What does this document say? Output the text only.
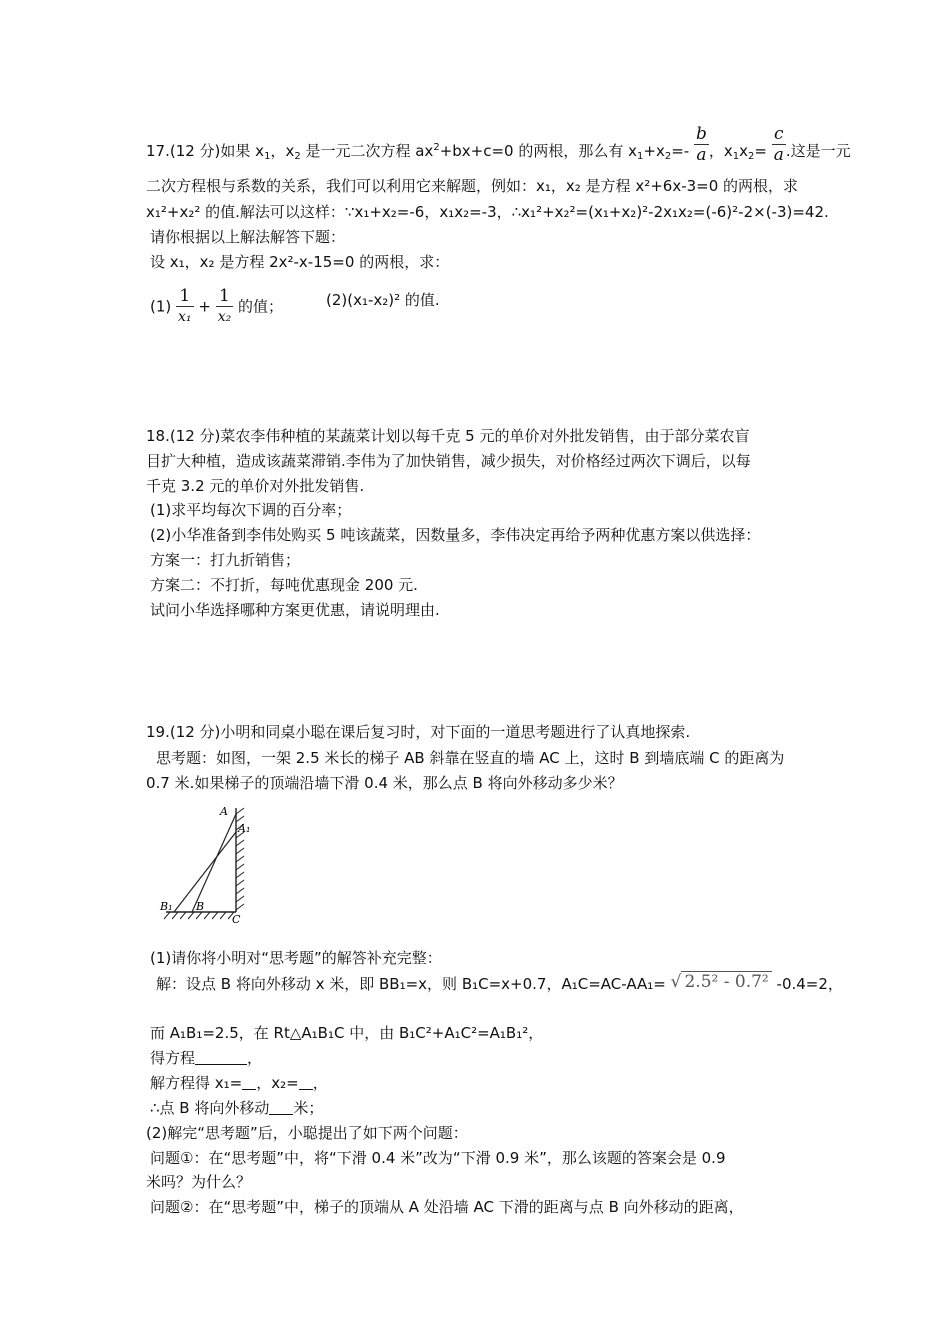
17.(12 分)如果 $x_1$，$x_2$ 是一元二次方程 $ax^2+bx+c=0$ 的两根，那么有 $x_1+x_2=- \frac{b}{a}$ ，$x_1x_2= \frac{c}{a}$ .这是一元
二次方程根与系数的关系，我们可以利用它来解题，例如：x₁，x₂ 是方程 x²+6x-3=0 的两根，求
x₁²+x₂² 的值.解法可以这样：∵x₁+x₂=-6，x₁x₂=-3，∴x₁²+x₂²=(x₁+x₂)²-2x₁x₂=(-6)²-2×(-3)=42.
请你根据以上解法解答下题：
设 x₁，x₂ 是方程 2x²-x-15=0 的两根，求：
$(1) \frac{1}{\text{x₁}} + \frac{1}{\text{x₂}}$ 的值；	(2)(x₁-x₂)² 的值.
18.(12 分)菜农李伟种植的某蔬菜计划以每千克 5 元的单价对外批发销售，由于部分菜农盲
目扩大种植，造成该蔬菜滞销.李伟为了加快销售，减少损失，对价格经过两次下调后，以每
千克 3.2 元的单价对外批发销售.
(1)求平均每次下调的百分率；
(2)小华准备到李伟处购买 5 吨该蔬菜，因数量多，李伟决定再给予两种优惠方案以供选择：
方案一：打九折销售；
方案二：不打折，每吨优惠现金 200 元.
试问小华选择哪种方案更优惠，请说明理由.
19.(12 分)小明和同桌小聪在课后复习时，对下面的一道思考题进行了认真地探索.
思考题：如图，一架 2.5 米长的梯子 AB 斜靠在竖直的墙 AC 上，这时 B 到墙底端 C 的距离为
0.7 米.如果梯子的顶端沿墙下滑 0.4 米，那么点 B 将向外移动多少米？
A
A₁
B₁ B
C
(1)请你将小明对“思考题”的解答补充完整：
解：设点 B 将向外移动 x 米，即 BB₁=x，则 B₁C=x+0.7，A₁C=AC-AA₁= √ 2.5² - 0.7² -0.4=2，
而 A₁B₁=2.5，在 Rt△A₁B₁C 中，由 B₁C²+A₁C²=A₁B₁²，
得方程	，
解方程得 x₁= ，x₂= ，
∴点 B 将向外移动 米；
(2)解完“思考题”后，小聪提出了如下两个问题：
问题①：在“思考题”中，将“下滑 0.4 米”改为“下滑 0.9 米”，那么该题的答案会是 0.9
米吗？为什么？
问题②：在“思考题”中，梯子的顶端从 A 处沿墙 AC 下滑的距离与点 B 向外移动的距离，
